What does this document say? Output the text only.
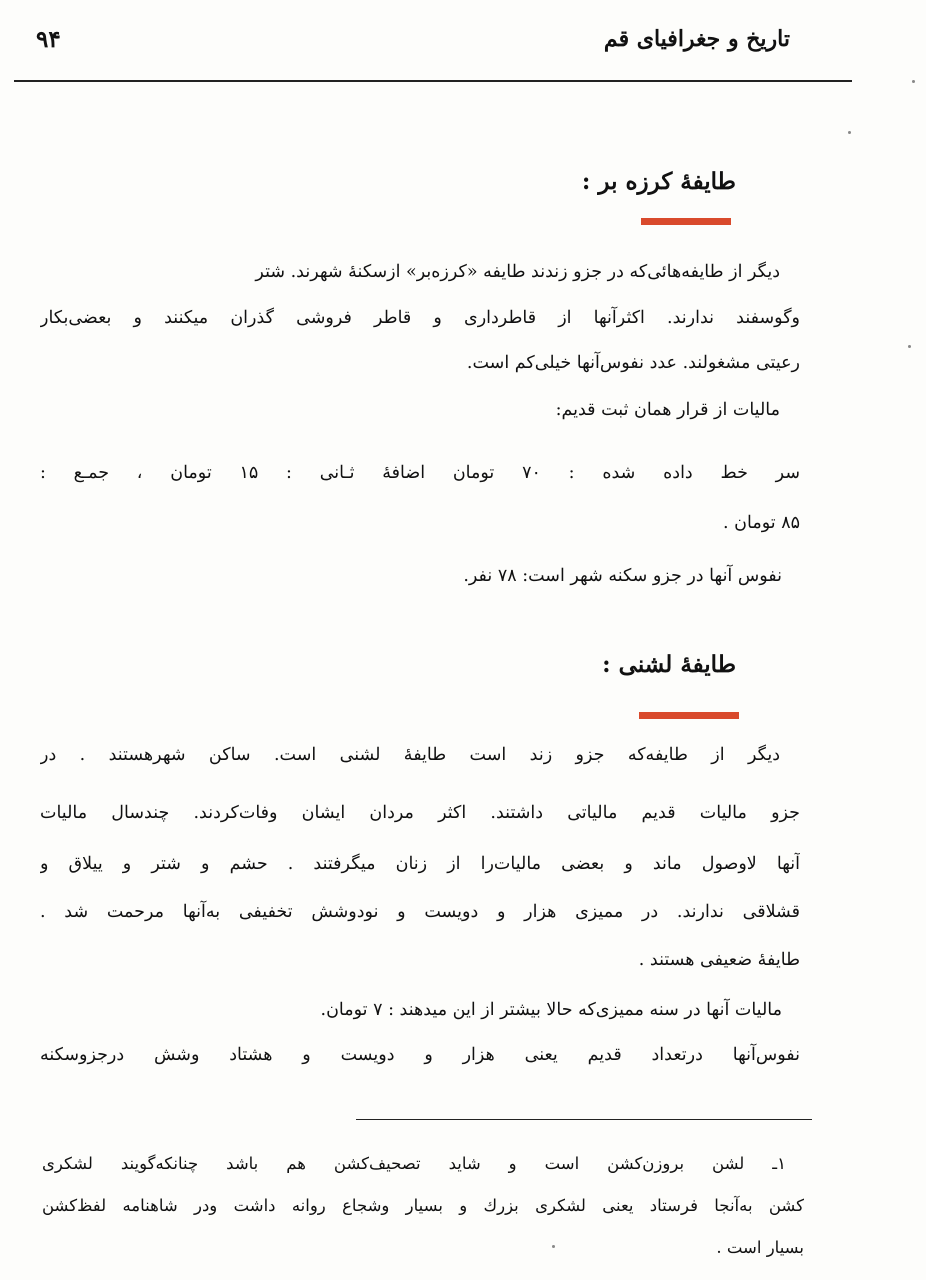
۹۴	تاریخ و جغرافیای قم
طایفۀ کرزه بر :
دیگر از طایفه‌هائی‌که در جزو زندند طایفه «کرزه‌بر» ازسکنۀ شهرند. شتر
وگوسفند ندارند. اکثرآنها از قاطرداری و قاطر فروشی گذران میکنند و بعضی‌بکار
رعیتی مشغولند. عدد نفوس‌آنها خیلی‌کم است.
مالیات از قرار همان ثبت قدیم:
سر خط داده شده : ۷۰ تومان اضافۀ ثـانی : ۱۵ تومان ، جمـع :
۸۵ تومان .
نفوس آنها در جزو سکنه شهر است: ۷۸ نفر.
طایفۀ لشنی :
دیگر از طایفه‌که جزو زند است طایفۀ لشنی است. ساکن شهرهستند . در
جزو مالیات قدیم مالیاتی داشتند. اکثر مردان ایشان وفات‌کردند. چندسال مالیات
آنها لاوصول ماند و بعضی مالیات‌را از زنان میگرفتند . حشم و شتر و ییلاق و
قشلاقی ندارند. در ممیزی هزار و دویست و نودوشش تخفیفی به‌آنها مرحمت شد .
طایفۀ ضعیفی هستند .
مالیات آنها در سنه ممیزی‌که حالا بیشتر از این میدهند : ۷ تومان.
نفوس‌آنها درتعداد قدیم یعنی هزار و دویست و هشتاد وشش درجزوسکنه
۱ـ لشن بروزن‌کشن است و شاید تصحیف‌کشن هم باشد چنانکه‌گویند لشکری
کشن به‌آنجا فرستاد یعنی لشکری بزرك و بسیار وشجاع روانه داشت ودر شاهنامه لفظ‌کشن
بسیار است .
